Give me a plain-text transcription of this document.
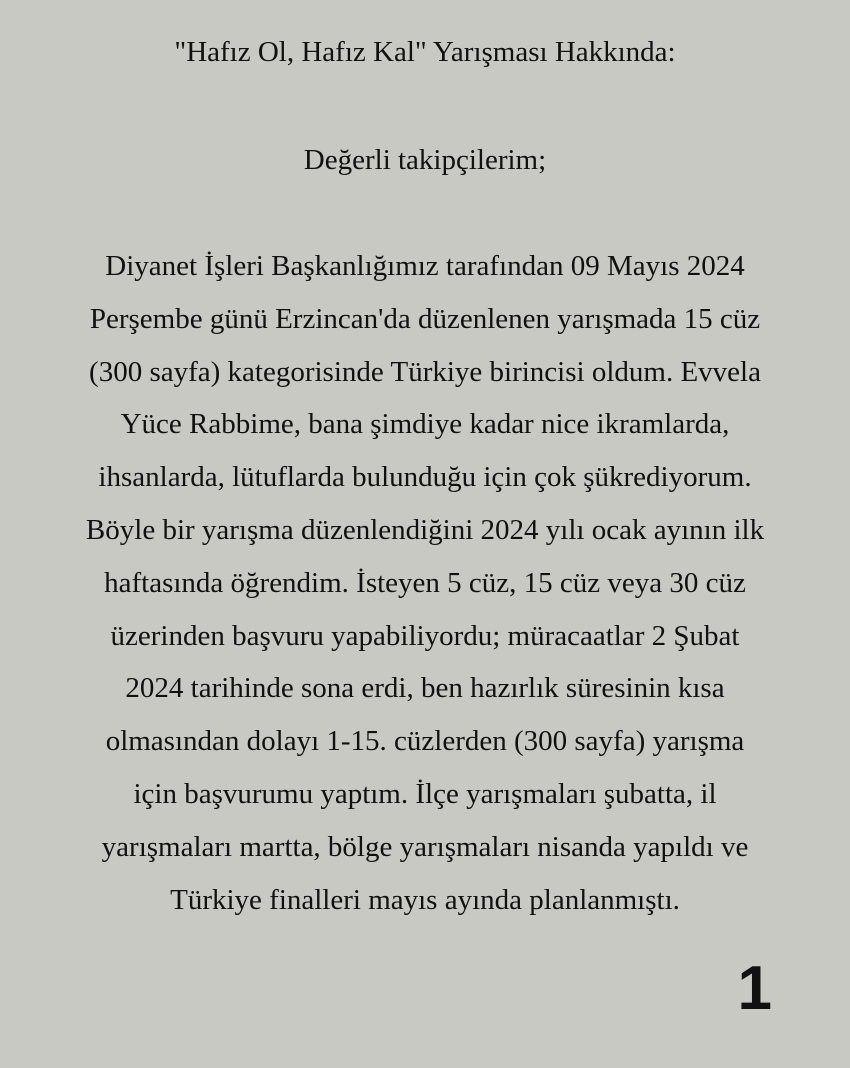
"Hafız Ol, Hafız Kal" Yarışması Hakkında:

Değerli takipçilerim;

Diyanet İşleri Başkanlığımız tarafından 09 Mayıs 2024
Perşembe günü Erzincan'da düzenlenen yarışmada 15 cüz
(300 sayfa) kategorisinde Türkiye birincisi oldum. Evvela
Yüce Rabbime, bana şimdiye kadar nice ikramlarda,
ihsanlarda, lütuflarda bulunduğu için çok şükrediyorum.
Böyle bir yarışma düzenlendiğini 2024 yılı ocak ayının ilk
haftasında öğrendim. İsteyen 5 cüz, 15 cüz veya 30 cüz
üzerinden başvuru yapabiliyordu; müracaatlar 2 Şubat
2024 tarihinde sona erdi, ben hazırlık süresinin kısa
olmasından dolayı 1-15. cüzlerden (300 sayfa) yarışma
için başvurumu yaptım. İlçe yarışmaları şubatta, il
yarışmaları martta, bölge yarışmaları nisanda yapıldı ve
Türkiye finalleri mayıs ayında planlanmıştı.
1
